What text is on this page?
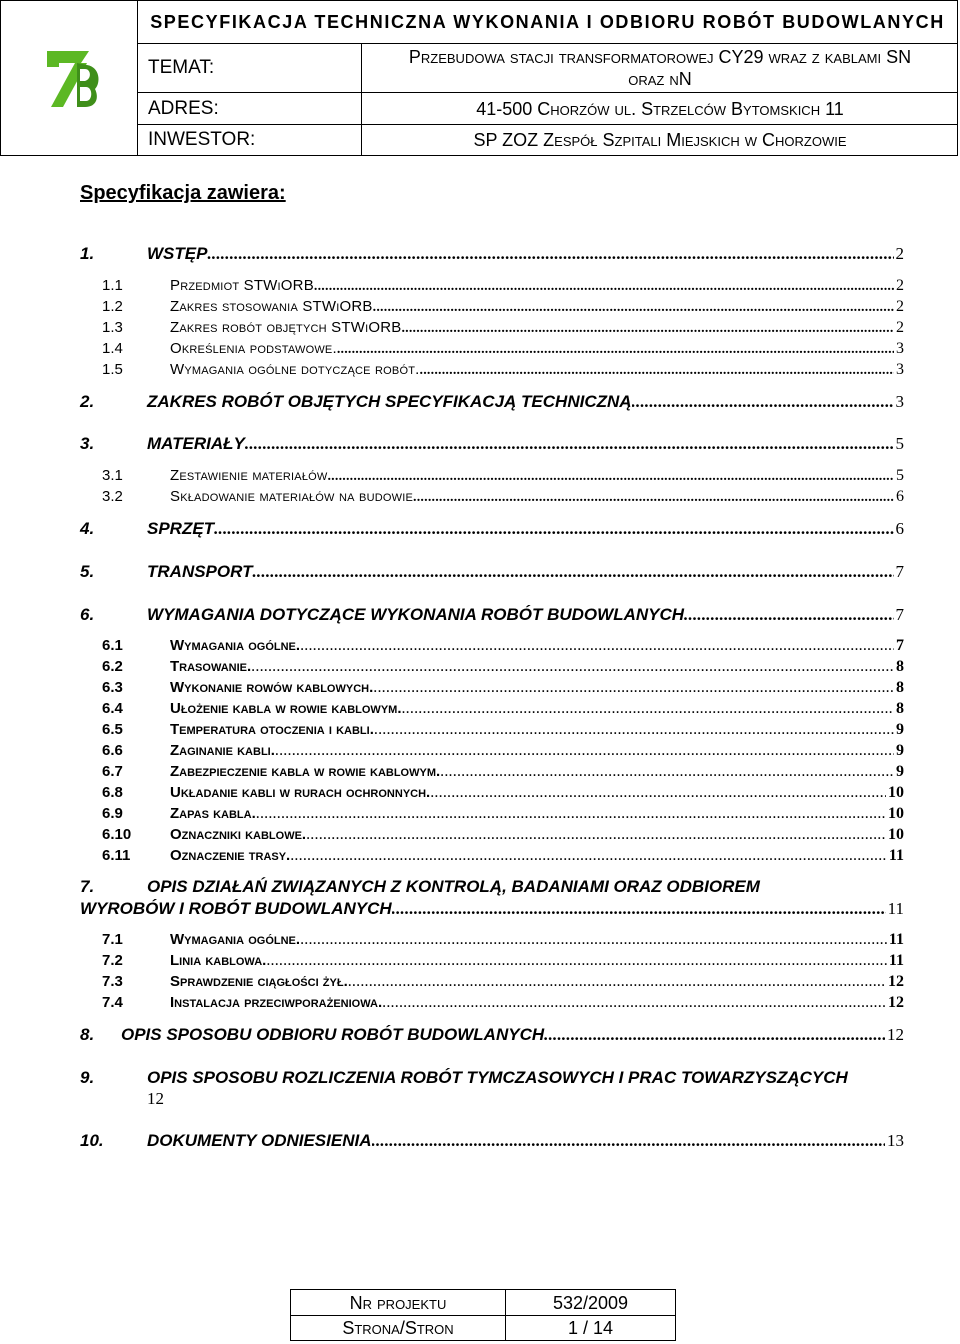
SPECYFIKACJA TECHNICZNA WYKONANIA I ODBIORU ROBÓT BUDOWLANYCH
TEMAT:	Przebudowa stacji transformatorowej CY29 wraz z kablami SN
oraz nN
ADRES:	41-500 Chorzów ul. Strzelców Bytomskich 11
INWESTOR:	SP ZOZ Zespół Szpitali Miejskich w Chorzowie
Specyfikacja zawiera:
1.	WSTĘP .....	2
1.1	Przedmiot STWiORB .....	2
1.2	Zakres stosowania STWiORB .....	2
1.3	Zakres robót objętych STWiORB .....	2
1.4	Określenia podstawowe. .....	3
1.5	Wymagania ogólne dotyczące robót. .....	3
2.	ZAKRES ROBÓT OBJĘTYCH SPECYFIKACJĄ TECHNICZNĄ .....	3
3.	MATERIAŁY .....	5
3.1	Zestawienie materiałów .....	5
3.2	Składowanie materiałów na budowie .....	6
4.	SPRZĘT .....	6
5.	TRANSPORT .....	7
6.	WYMAGANIA DOTYCZĄCE WYKONANIA ROBÓT BUDOWLANYCH .....	7
6.1	Wymagania ogólne. .....	7
6.2	Trasowanie. .....	8
6.3	Wykonanie rowów kablowych. .....	8
6.4	Ułożenie kabla w rowie kablowym. .....	8
6.5	Temperatura otoczenia i kabli. .....	9
6.6	Zaginanie kabli. .....	9
6.7	Zabezpieczenie kabla w rowie kablowym. .....	9
6.8	Układanie kabli w rurach ochronnych. .....	10
6.9	Zapas kabla. .....	10
6.10	Oznaczniki kablowe. .....	10
6.11	Oznaczenie trasy. .....	11
7.	OPIS DZIAŁAŃ ZWIĄZANYCH Z KONTROLĄ, BADANIAMI ORAZ ODBIOREM
WYROBÓW I ROBÓT BUDOWLANYCH .....	11
7.1	Wymagania ogólne. .....	11
7.2	Linia kablowa. .....	11
7.3	Sprawdzenie ciągłości żył. .....	12
7.4	Instalacja przeciwporażeniowa. .....	12
8.	OPIS SPOSOBU ODBIORU ROBÓT BUDOWLANYCH .....	12
9.	OPIS SPOSOBU ROZLICZENIA ROBÓT TYMCZASOWYCH I PRAC TOWARZYSZĄCYCH
12
10.	DOKUMENTY ODNIESIENIA .....	13
Nr projektu	532/2009
Strona/Stron	1 / 14
